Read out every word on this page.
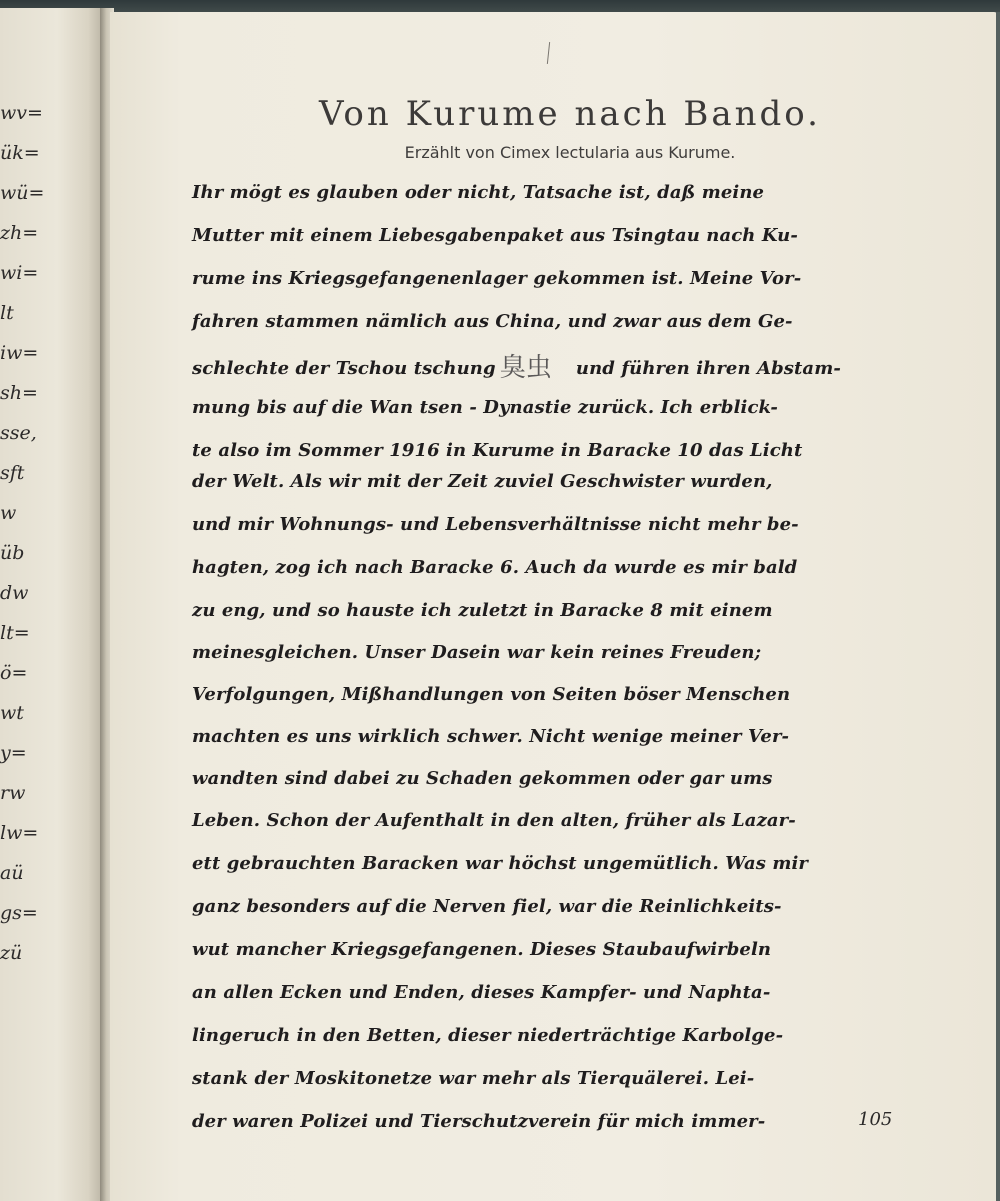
wv=
ük=
wü=
zh=
wi=
lt
iw=
sh=
sse,
sft
w
üb
dw
lt=
ö=
wt
y=
rw
lw=
aü
gs=
zü
Von Kurume nach Bando.
Erzählt von Cimex lectularia aus Kurume.
Ihr mögt es glauben oder nicht, Tatsache ist, daß meine
Mutter mit einem Liebesgabenpaket aus Tsingtau nach Ku-
rume ins Kriegsgefangenenlager gekommen ist. Meine Vor-
fahren stammen nämlich aus China, und zwar aus dem Ge-
schlechte der Tschou tschung 臭虫 und führen ihren Abstam-
mung bis auf die Wan tsen - Dynastie zurück. Ich erblick-
te also im Sommer 1916 in Kurume in Baracke 10 das Licht
der Welt. Als wir mit der Zeit zuviel Geschwister wurden,
und mir Wohnungs- und Lebensverhältnisse nicht mehr be-
hagten, zog ich nach Baracke 6. Auch da wurde es mir bald
zu eng, und so hauste ich zuletzt in Baracke 8 mit einem
meinesgleichen. Unser Dasein war kein reines Freuden;
Verfolgungen, Mißhandlungen von Seiten böser Menschen
machten es uns wirklich schwer. Nicht wenige meiner Ver-
wandten sind dabei zu Schaden gekommen oder gar ums
Leben. Schon der Aufenthalt in den alten, früher als Lazar-
ett gebrauchten Baracken war höchst ungemütlich. Was mir
ganz besonders auf die Nerven fiel, war die Reinlichkeits-
wut mancher Kriegsgefangenen. Dieses Staubaufwirbeln
an allen Ecken und Enden, dieses Kampfer- und Naphta-
lingeruch in den Betten, dieser niederträchtige Karbolge-
stank der Moskitonetze war mehr als Tierquälerei. Lei-
der waren Polizei und Tierschutzverein für mich immer-	105
